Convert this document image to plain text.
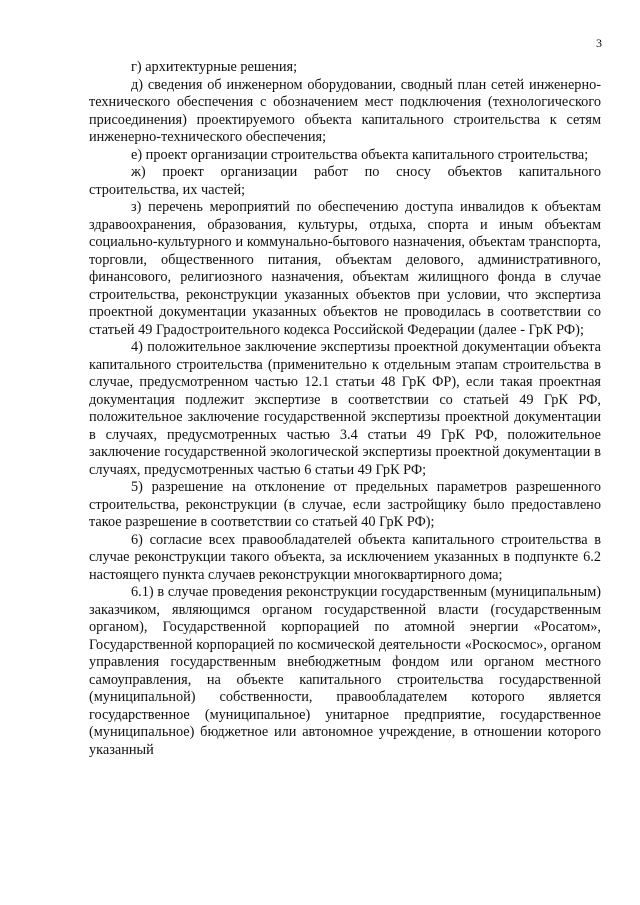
3

г) архитектурные решения;

д) сведения об инженерном оборудовании, сводный план сетей инженерно-технического обеспечения с обозначением мест подключения (технологического присоединения) проектируемого объекта капитального строительства к сетям инженерно-технического обеспечения;

е) проект организации строительства объекта капитального строительства;

ж) проект организации работ по сносу объектов капитального строительства, их частей;

з) перечень мероприятий по обеспечению доступа инвалидов к объектам здравоохранения, образования, культуры, отдыха, спорта и иным объектам социально-культурного и коммунально-бытового назначения, объектам транспорта, торговли, общественного питания, объектам делового, административного, финансового, религиозного назначения, объектам жилищного фонда в случае строительства, реконструкции указанных объектов при условии, что экспертиза проектной документации указанных объектов не проводилась в соответствии со статьей 49 Градостроительного кодекса Российской Федерации (далее - ГрК РФ);

4) положительное заключение экспертизы проектной документации объекта капитального строительства (применительно к отдельным этапам строительства в случае, предусмотренном частью 12.1 статьи 48 ГрК ФР), если такая проектная документация подлежит экспертизе в соответствии со статьей 49 ГрК РФ, положительное заключение государственной экспертизы проектной документации в случаях, предусмотренных частью 3.4 статьи 49 ГрК РФ, положительное заключение государственной экологической экспертизы проектной документации в случаях, предусмотренных частью 6 статьи 49 ГрК РФ;

5) разрешение на отклонение от предельных параметров разрешенного строительства, реконструкции (в случае, если застройщику было предоставлено такое разрешение в соответствии со статьей 40 ГрК РФ);

6) согласие всех правообладателей объекта капитального строительства в случае реконструкции такого объекта, за исключением указанных в подпункте 6.2 настоящего пункта случаев реконструкции многоквартирного дома;

6.1) в случае проведения реконструкции государственным (муниципальным) заказчиком, являющимся органом государственной власти (государственным органом), Государственной корпорацией по атомной энергии «Росатом», Государственной корпорацией по космической деятельности «Роскосмос», органом управления государственным внебюджетным фондом или органом местного самоуправления, на объекте капитального строительства государственной (муниципальной) собственности, правообладателем которого является государственное (муниципальное) унитарное предприятие, государственное (муниципальное) бюджетное или автономное учреждение, в отношении которого указанный
